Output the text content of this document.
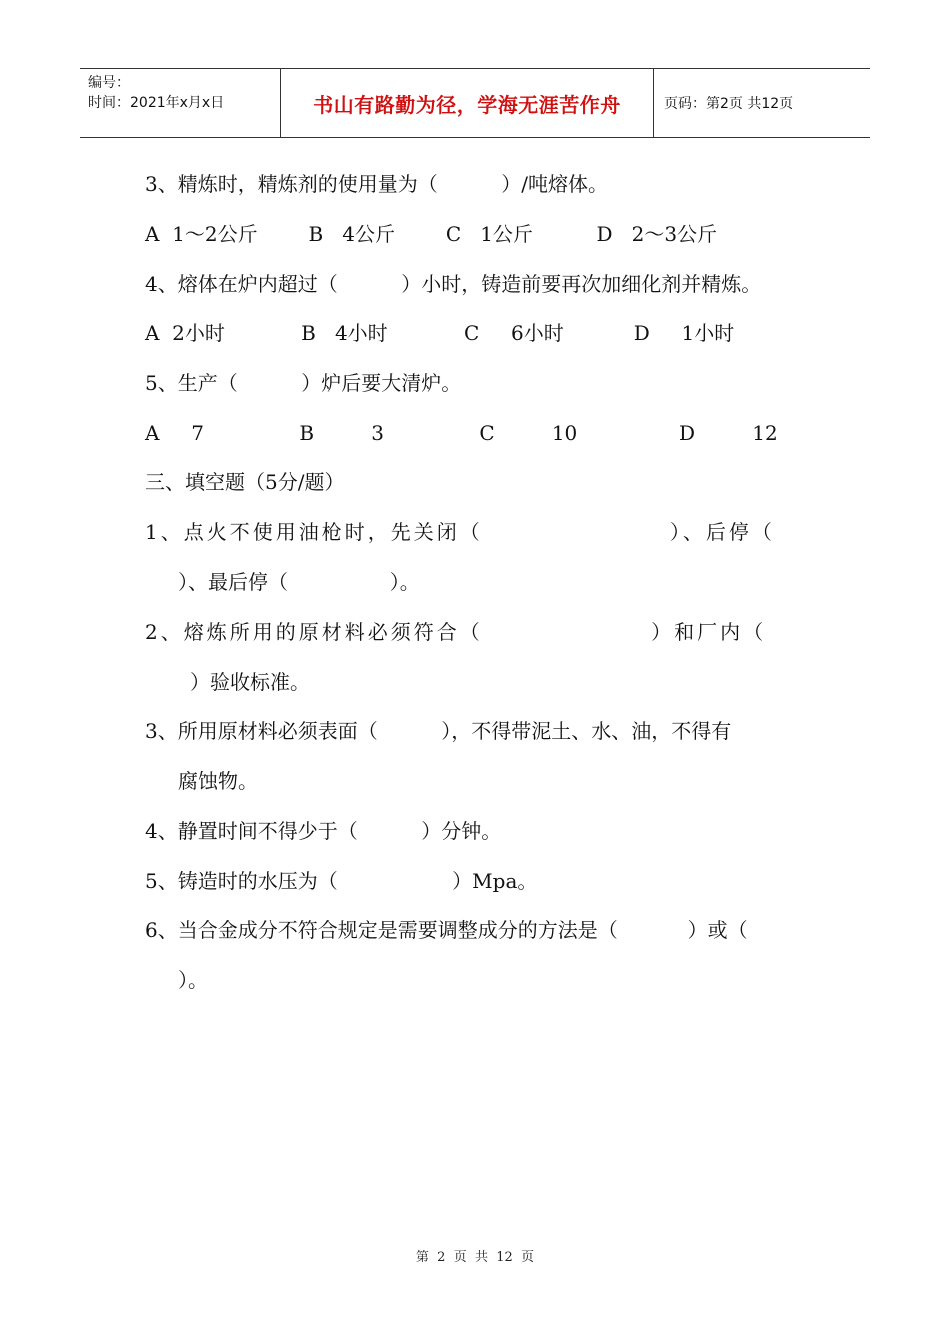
编号：
时间：2021年x月x日	书山有路勤为径，学海无涯苦作舟	页码：第2页 共12页
3、精炼时，精炼剂的使用量为（          ）/吨熔体。
A  1～2公斤        B   4公斤        C   1公斤          D   2～3公斤
4、熔体在炉内超过（          ）小时，铸造前要再次加细化剂并精炼。
A  2小时            B   4小时            C     6小时           D     1小时
5、生产（          ）炉后要大清炉。
A     7               B         3               C         10                D         12
三、填空题（5分/题）
1、点火不使用油枪时，先关闭（                    ）、后停（
）、最后停（                ）。
2、熔炼所用的原材料必须符合（                  ）和厂内（
）验收标准。
3、所用原材料必须表面（          ），不得带泥土、水、油，不得有
腐蚀物。
4、静置时间不得少于（          ）分钟。
5、铸造时的水压为（                  ）Mpa。
6、当合金成分不符合规定是需要调整成分的方法是（           ）或（
）。
第  2  页  共  12  页
